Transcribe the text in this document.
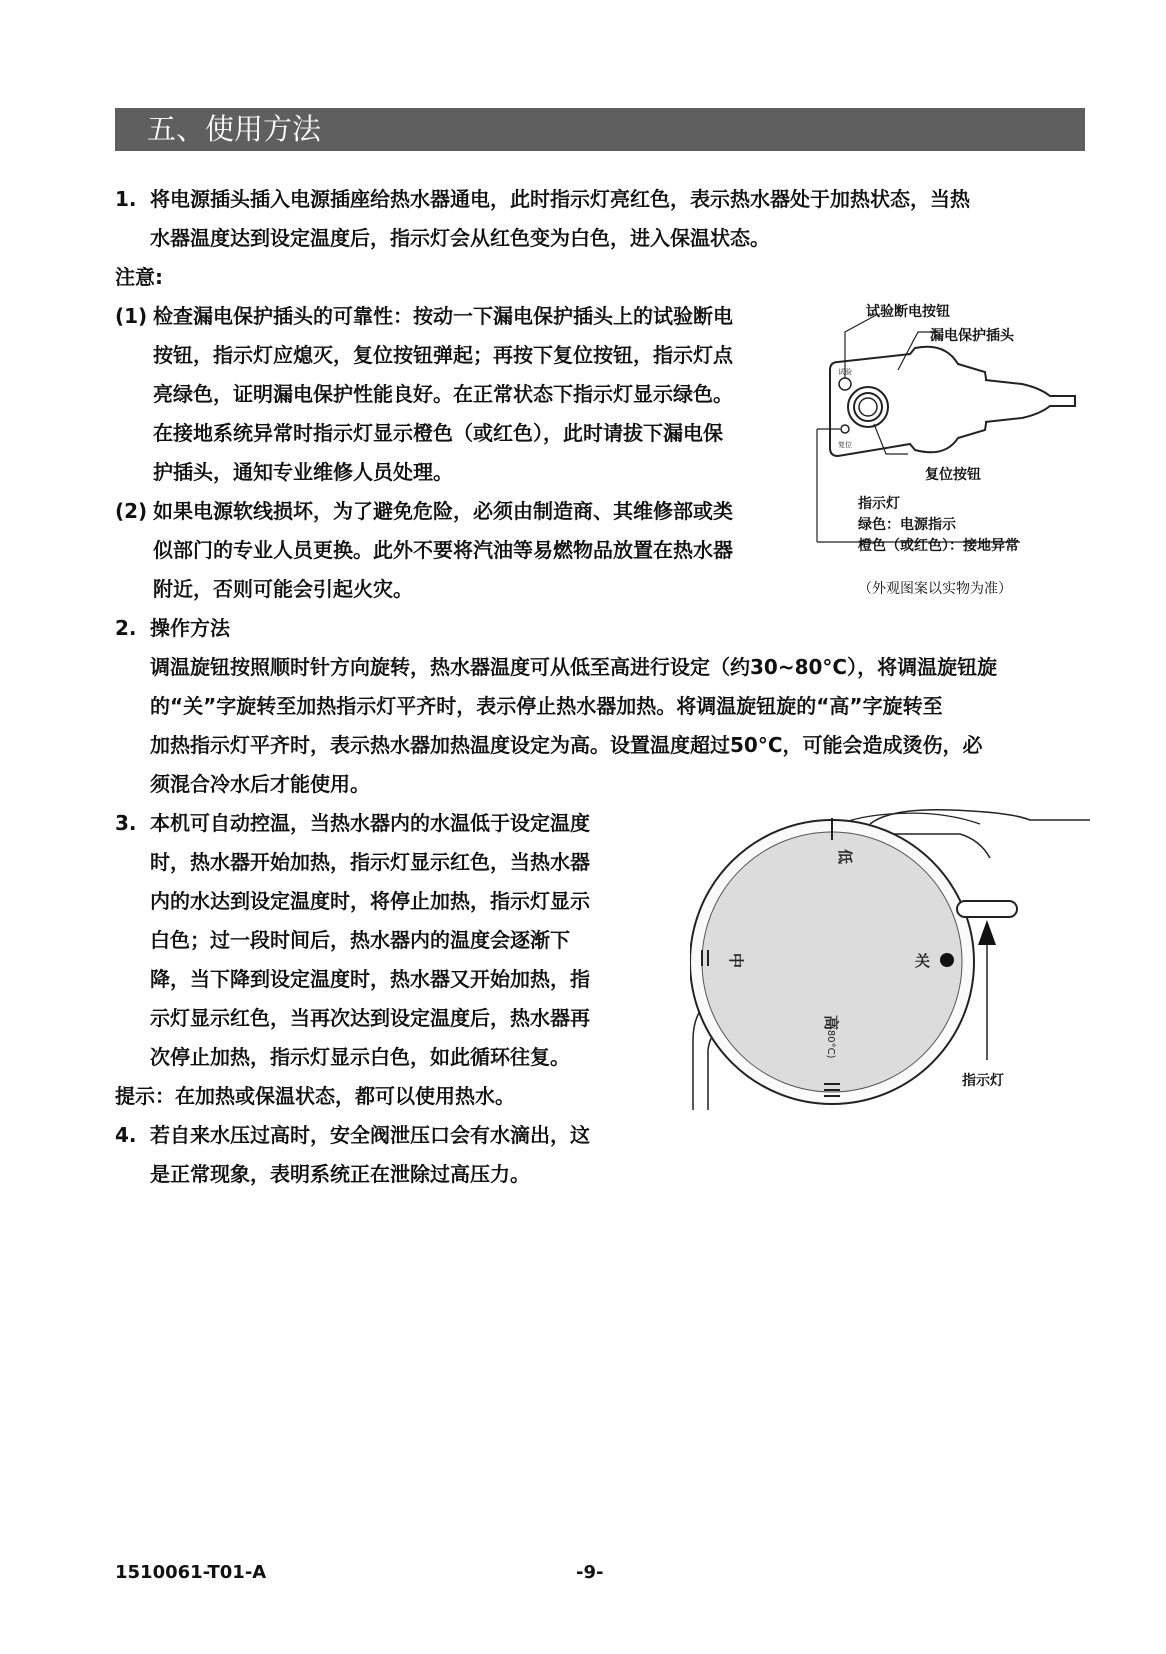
五、使用方法
1. 将电源插头插入电源插座给热水器通电，此时指示灯亮红色，表示热水器处于加热状态，当热
水器温度达到设定温度后，指示灯会从红色变为白色，进入保温状态。
注意:
(1) 检查漏电保护插头的可靠性：按动一下漏电保护插头上的试验断电
按钮，指示灯应熄灭，复位按钮弹起；再按下复位按钮，指示灯点
亮绿色，证明漏电保护性能良好。在正常状态下指示灯显示绿色。
在接地系统异常时指示灯显示橙色（或红色），此时请拔下漏电保
护插头，通知专业维修人员处理。
(2) 如果电源软线损坏，为了避免危险，必须由制造商、其维修部或类
似部门的专业人员更换。此外不要将汽油等易燃物品放置在热水器
附近，否则可能会引起火灾。
试验
复位
试验断电按钮
漏电保护插头
复位按钮
指示灯
绿色：电源指示
橙色（或红色）：接地异常
（外观图案以实物为准）
2. 操作方法
调温旋钮按照顺时针方向旋转，热水器温度可从低至高进行设定（约30~80°C），将调温旋钮旋
的“关”字旋转至加热指示灯平齐时，表示停止热水器加热。将调温旋钮旋的“高”字旋转至
加热指示灯平齐时，表示热水器加热温度设定为高。设置温度超过50°C，可能会造成烫伤，必
须混合冷水后才能使用。
3. 本机可自动控温，当热水器内的水温低于设定温度
时，热水器开始加热，指示灯显示红色，当热水器
内的水达到设定温度时，将停止加热，指示灯显示
白色；过一段时间后，热水器内的温度会逐渐下
降，当下降到设定温度时，热水器又开始加热，指
示灯显示红色，当再次达到设定温度后，热水器再
次停止加热，指示灯显示白色，如此循环往复。
提示：在加热或保温状态，都可以使用热水。
4. 若自来水压过高时，安全阀泄压口会有水滴出，这
是正常现象，表明系统正在泄除过高压力。
低
中	关
高
(80°C)
指示灯
1510061-T01-A	-9-
